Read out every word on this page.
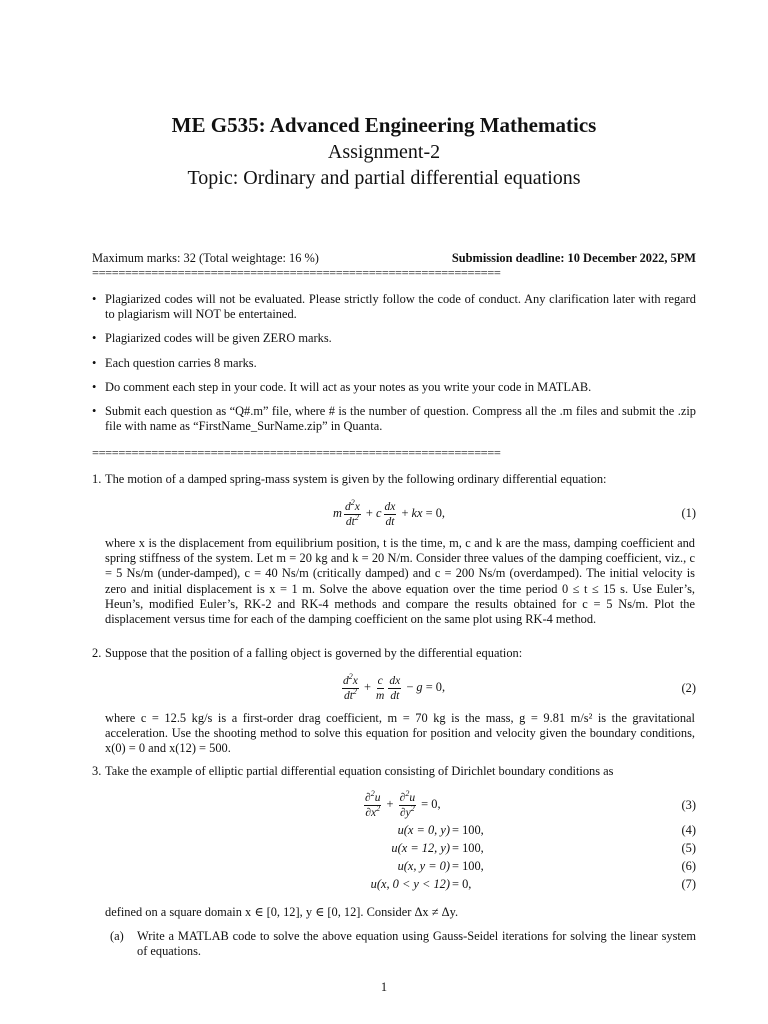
ME G535: Advanced Engineering Mathematics
Assignment-2
Topic: Ordinary and partial differential equations
Maximum marks: 32 (Total weightage: 16 %)	Submission deadline: 10 December 2022, 5PM
==============================================================
• Plagiarized codes will not be evaluated. Please strictly follow the code of conduct. Any clarification later with regard to plagiarism will NOT be entertained.
• Plagiarized codes will be given ZERO marks.
• Each question carries 8 marks.
• Do comment each step in your code. It will act as your notes as you write your code in MATLAB.
• Submit each question as “Q#.m” file, where # is the number of question. Compress all the .m files and submit the .zip file with name as “FirstName_SurName.zip” in Quanta.
==============================================================
1. The motion of a damped spring-mass system is given by the following ordinary differential equation:
m $\frac{d^2x}{dt^2} + c \frac{dx}{dt}$ + kx = 0,	(1)
where x is the displacement from equilibrium position, t is the time, m, c and k are the mass, damping coefficient and spring stiffness of the system. Let m = 20 kg and k = 20 N/m. Consider three values of the damping coefficient, viz., c = 5 Ns/m (under-damped), c = 40 Ns/m (critically damped) and c = 200 Ns/m (overdamped). The initial velocity is zero and initial displacement is x = 1 m. Solve the above equation over the time period 0 ≤ t ≤ 15 s. Use Euler’s, Heun’s, modified Euler’s, RK-2 and RK-4 methods and compare the results obtained for c = 5 Ns/m. Plot the displacement versus time for each of the damping coefficient on the same plot using RK-4 method.
2. Suppose that the position of a falling object is governed by the differential equation:
$\frac{d^2x}{dt^2} + \frac{c}{m} \frac{dx}{dt} - g = 0$,	(2)
where c = 12.5 kg/s is a first-order drag coefficient, m = 70 kg is the mass, g = 9.81 m/s² is the gravitational acceleration. Use the shooting method to solve this equation for position and velocity given the boundary conditions, x(0) = 0 and x(12) = 500.
3. Take the example of elliptic partial differential equation consisting of Dirichlet boundary conditions as
$\frac{\partial^2u}{\partial x^2} + \frac{\partial^2u}{\partial y^2} = 0$,	(3)
u(x = 0, y) = 100,	(4)
u(x = 12, y) = 100,	(5)
u(x, y = 0) = 100,	(6)
u(x, 0 < y < 12) = 0,	(7)
defined on a square domain x ∈ [0, 12], y ∈ [0, 12]. Consider Δx ≠ Δy.
(a) Write a MATLAB code to solve the above equation using Gauss-Seidel iterations for solving the linear system of equations.
1
